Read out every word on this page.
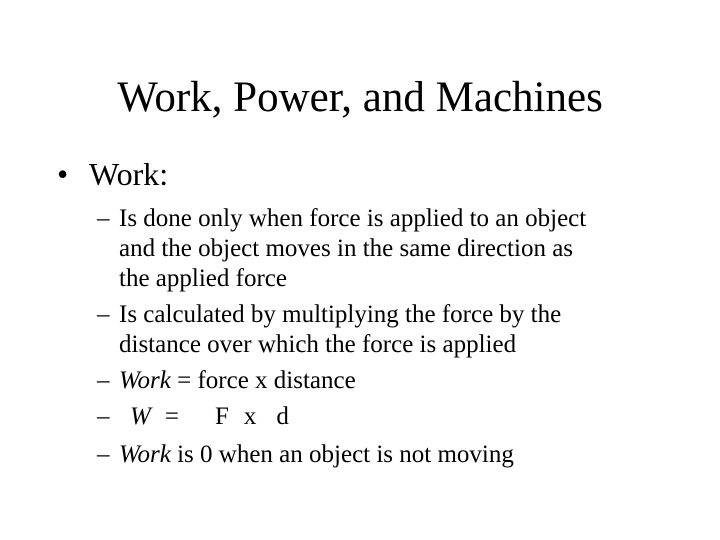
Work, Power, and Machines
• Work:
– Is done only when force is applied to an object
and the object moves in the same direction as
the applied force
– Is calculated by multiplying the force by the
distance over which the force is applied
– Work = force x distance
– W = F x d
– Work is 0 when an object is not moving
